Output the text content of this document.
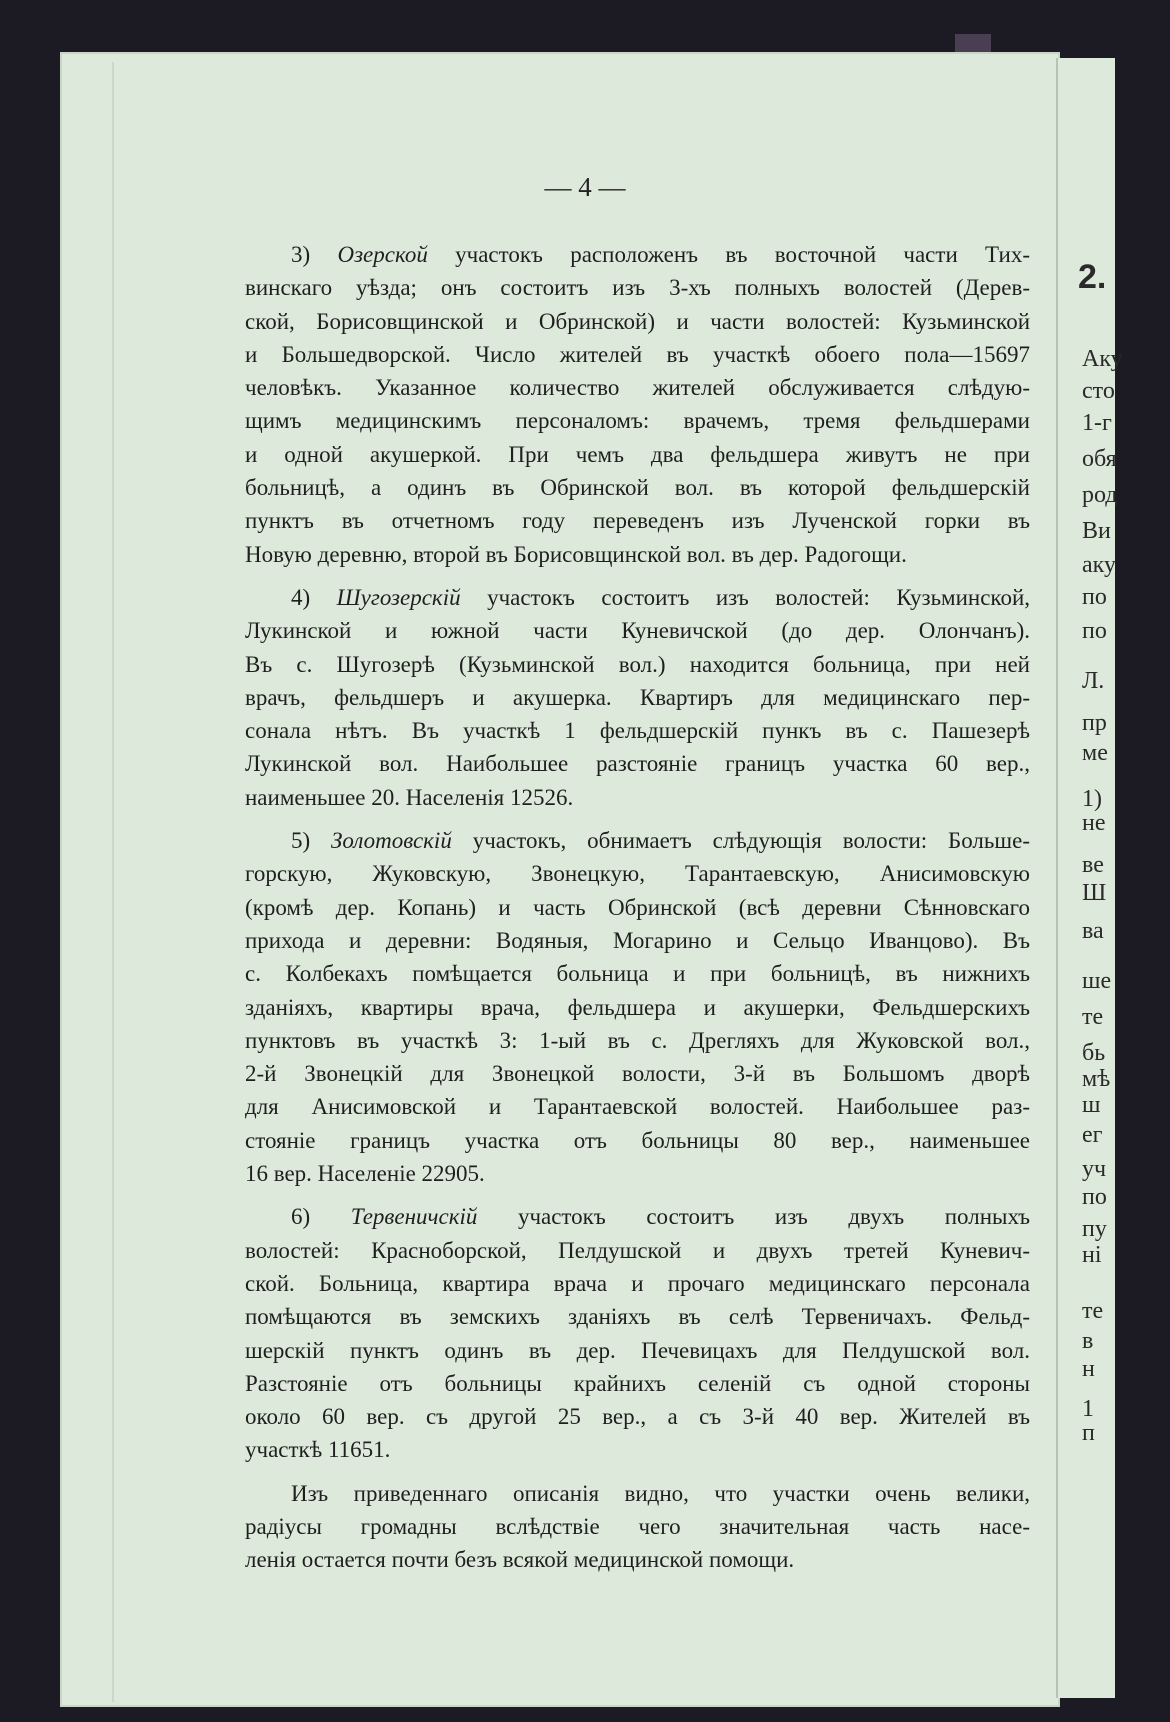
2.
Аку
сто
1-г
обя
род
Ви
аку
по
по
Л.
пр
ме
1)
не
ве
Ш
ва
ше
те
бь
мѣ
ш
ег
уч
по
пу
ні
те
в
н
1
п
— 4 —
3) Озерской участокъ расположенъ въ восточной части Тих-
винскаго уѣзда; онъ состоитъ изъ 3-хъ полныхъ волостей (Дерев-
ской, Борисовщинской и Обринской) и части волостей: Кузьминской
и Большедворской. Число жителей въ участкѣ обоего пола—15697
человѣкъ. Указанное количество жителей обслуживается слѣдую-
щимъ медицинскимъ персоналомъ: врачемъ, тремя фельдшерами
и одной акушеркой. При чемъ два фельдшера живутъ не при
больницѣ, а одинъ въ Обринской вол. въ которой фельдшерскій
пунктъ въ отчетномъ году переведенъ изъ Лученской горки въ
Новую деревню, второй въ Борисовщинской вол. въ дер. Радогощи.
4) Шугозерскій участокъ состоитъ изъ волостей: Кузьминской,
Лукинской и южной части Куневичской (до дер. Олончанъ).
Въ с. Шугозерѣ (Кузьминской вол.) находится больница, при ней
врачъ, фельдшеръ и акушерка. Квартиръ для медицинскаго пер-
сонала нѣтъ. Въ участкѣ 1 фельдшерскій пункъ въ с. Пашезерѣ
Лукинской вол. Наибольшее разстояніе границъ участка 60 вер.,
наименьшее 20. Населенія 12526.
5) Золотовскій участокъ, обнимаетъ слѣдующія волости: Больше-
горскую, Жуковскую, Звонецкую, Тарантаевскую, Анисимовскую
(кромѣ дер. Копань) и часть Обринской (всѣ деревни Сѣнновскаго
прихода и деревни: Водяныя, Могарино и Сельцо Иванцово). Въ
с. Колбекахъ помѣщается больница и при больницѣ, въ нижнихъ
зданіяхъ, квартиры врача, фельдшера и акушерки, Фельдшерскихъ
пунктовъ въ участкѣ 3: 1-ый въ с. Дрегляхъ для Жуковской вол.,
2-й Звонецкій для Звонецкой волости, 3-й въ Большомъ дворѣ
для Анисимовской и Тарантаевской волостей. Наибольшее раз-
стояніе границъ участка отъ больницы 80 вер., наименьшее
16 вер. Населеніе 22905.
6) Тервеничскій участокъ состоитъ изъ двухъ полныхъ
волостей: Красноборской, Пелдушской и двухъ третей Куневич-
ской. Больница, квартира врача и прочаго медицинскаго персонала
помѣщаются въ земскихъ зданіяхъ въ селѣ Тервеничахъ. Фельд-
шерскій пунктъ одинъ въ дер. Печевицахъ для Пелдушской вол.
Разстояніе отъ больницы крайнихъ селеній съ одной стороны
около 60 вер. съ другой 25 вер., а съ 3-й 40 вер. Жителей въ
участкѣ 11651.
Изъ приведеннаго описанія видно, что участки очень велики,
радіусы громадны вслѣдствіе чего значительная часть насе-
ленія остается почти безъ всякой медицинской помощи.
